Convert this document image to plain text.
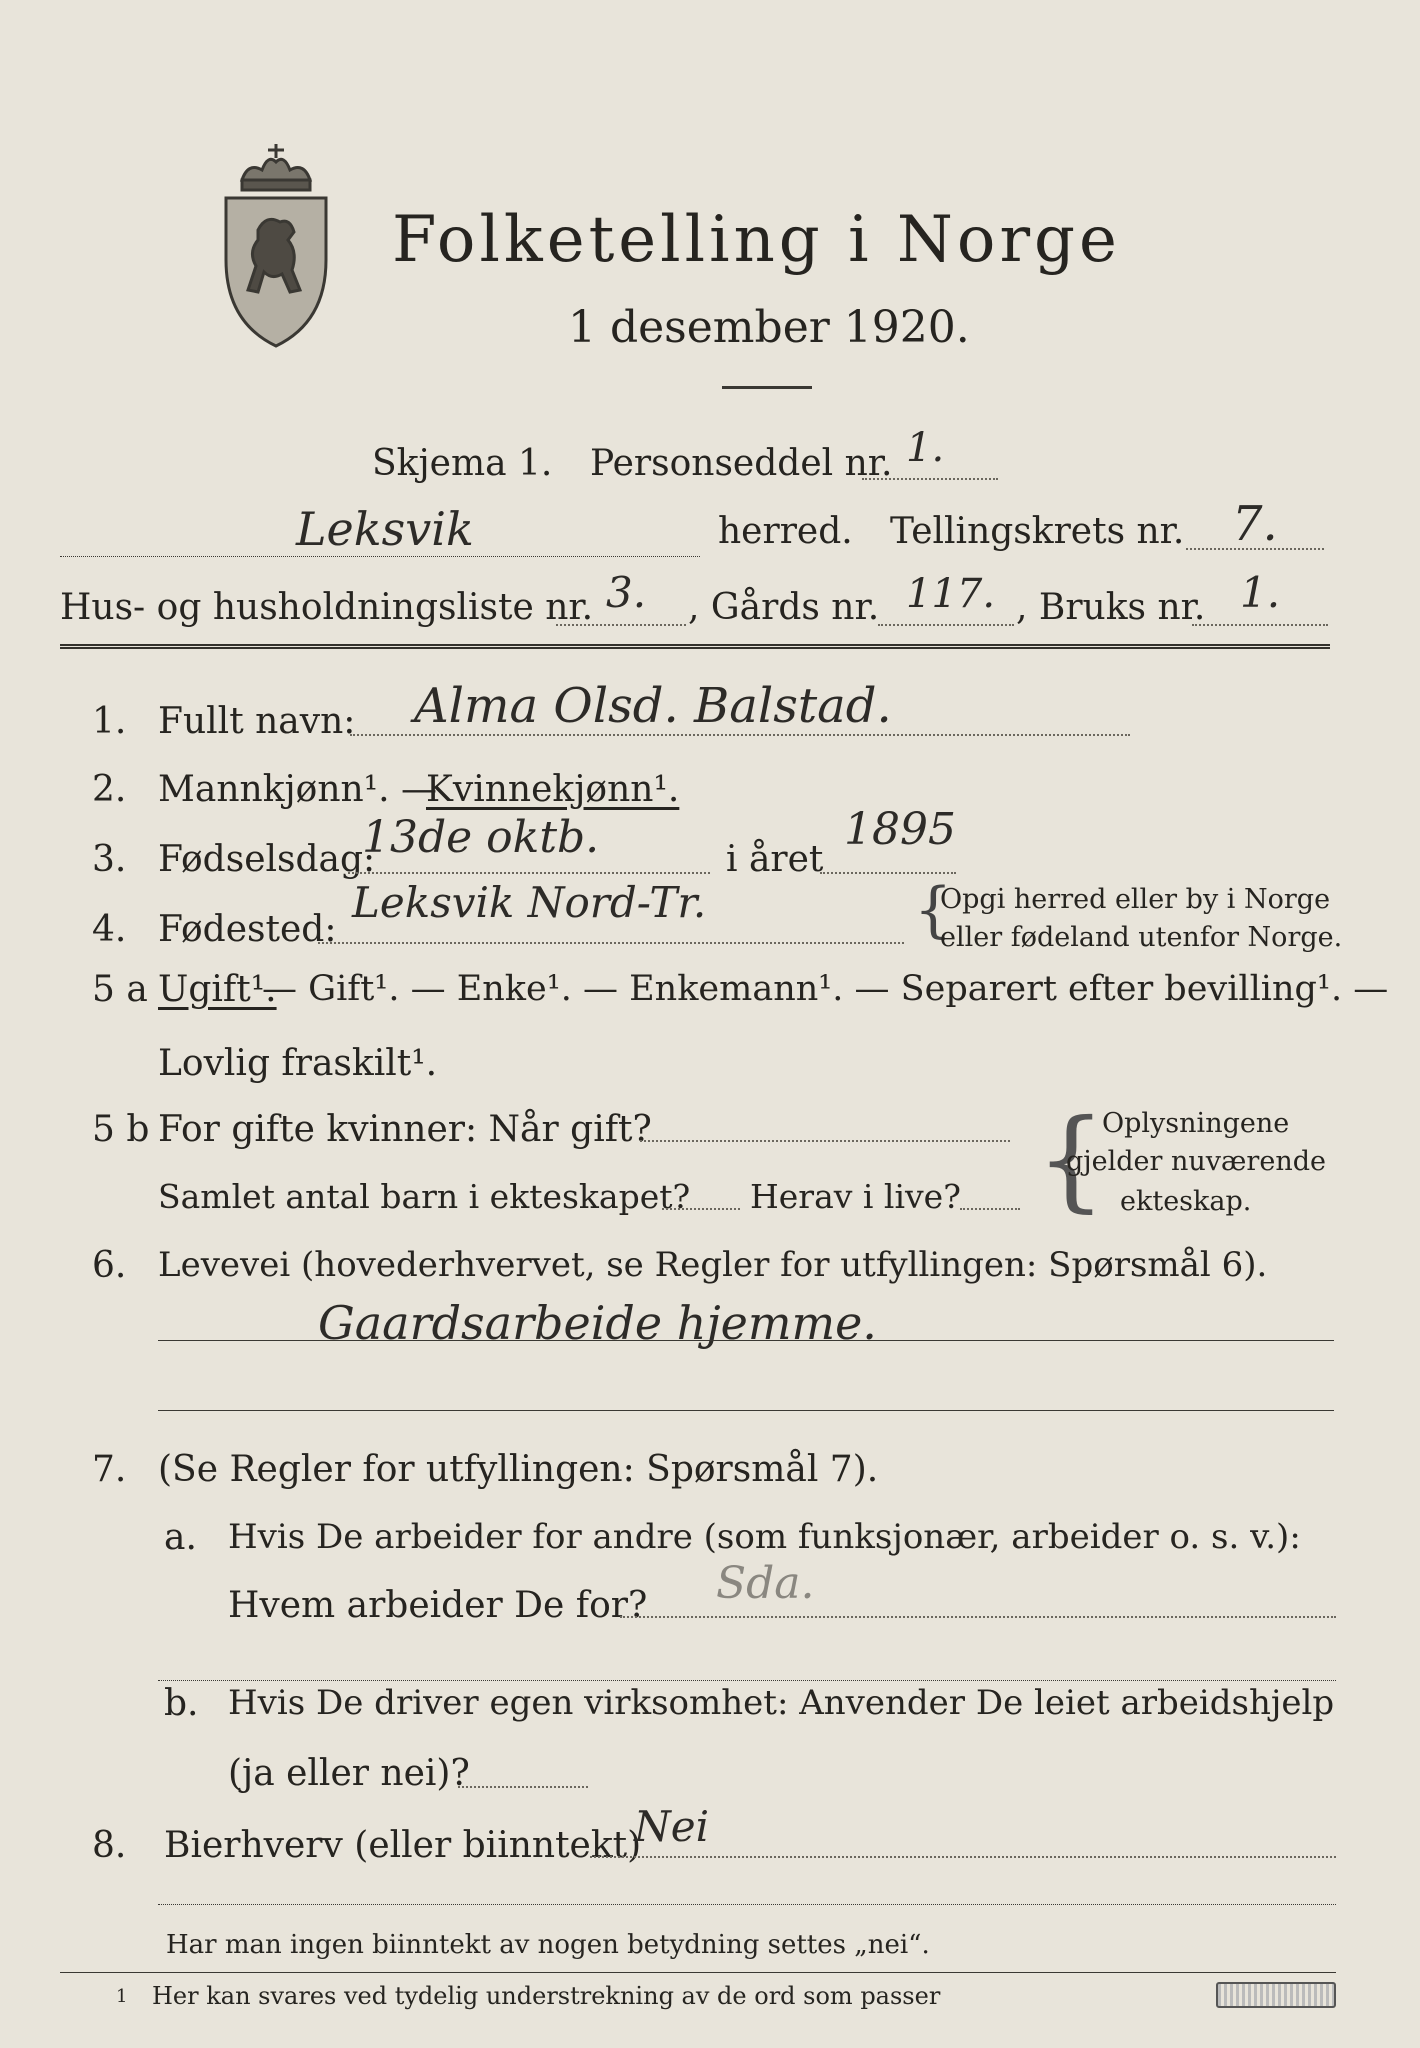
Folketelling i Norge
1 desember 1920.
Skjema 1. Personseddel nr. 1.
Leksvik	herred. Tellingskrets nr. 7.
Hus- og husholdningsliste nr. 3. , Gårds nr. 117. , Bruks nr. 1.
1. Fullt navn: Alma Olsd. Balstad.
2. Mannkjønn¹. —
Kvinnekjønn¹.
3. Fødselsdag:
13de oktb.	i året
1895
4. Fødested:
Leksvik Nord-Tr.	{
Opgi herred eller by i Norge
eller fødeland utenfor Norge.
5 a Ugift¹.
— Gift¹. — Enke¹. — Enkemann¹. — Separert efter bevilling¹. —
Lovlig fraskilt¹.
5 b For gifte kvinner: Når gift?
Samlet antal barn i ekteskapet? Herav i live? {
Oplysningene
gjelder nuværende
ekteskap.
6. Levevei (hovederhvervet, se Regler for utfyllingen: Spørsmål 6).
Gaardsarbeide hjemme.
7. (Se Regler for utfyllingen: Spørsmål 7).
a. Hvis De arbeider for andre (som funksjonær, arbeider o. s. v.):
Hvem arbeider De for? Sda.
b. Hvis De driver egen virksomhet: Anvender De leiet arbeidshjelp
(ja eller nei)?
8. Bierhverv (eller biinntekt)
Nei
Har man ingen biinntekt av nogen betydning settes „nei“.
1 Her kan svares ved tydelig understrekning av de ord som passer
